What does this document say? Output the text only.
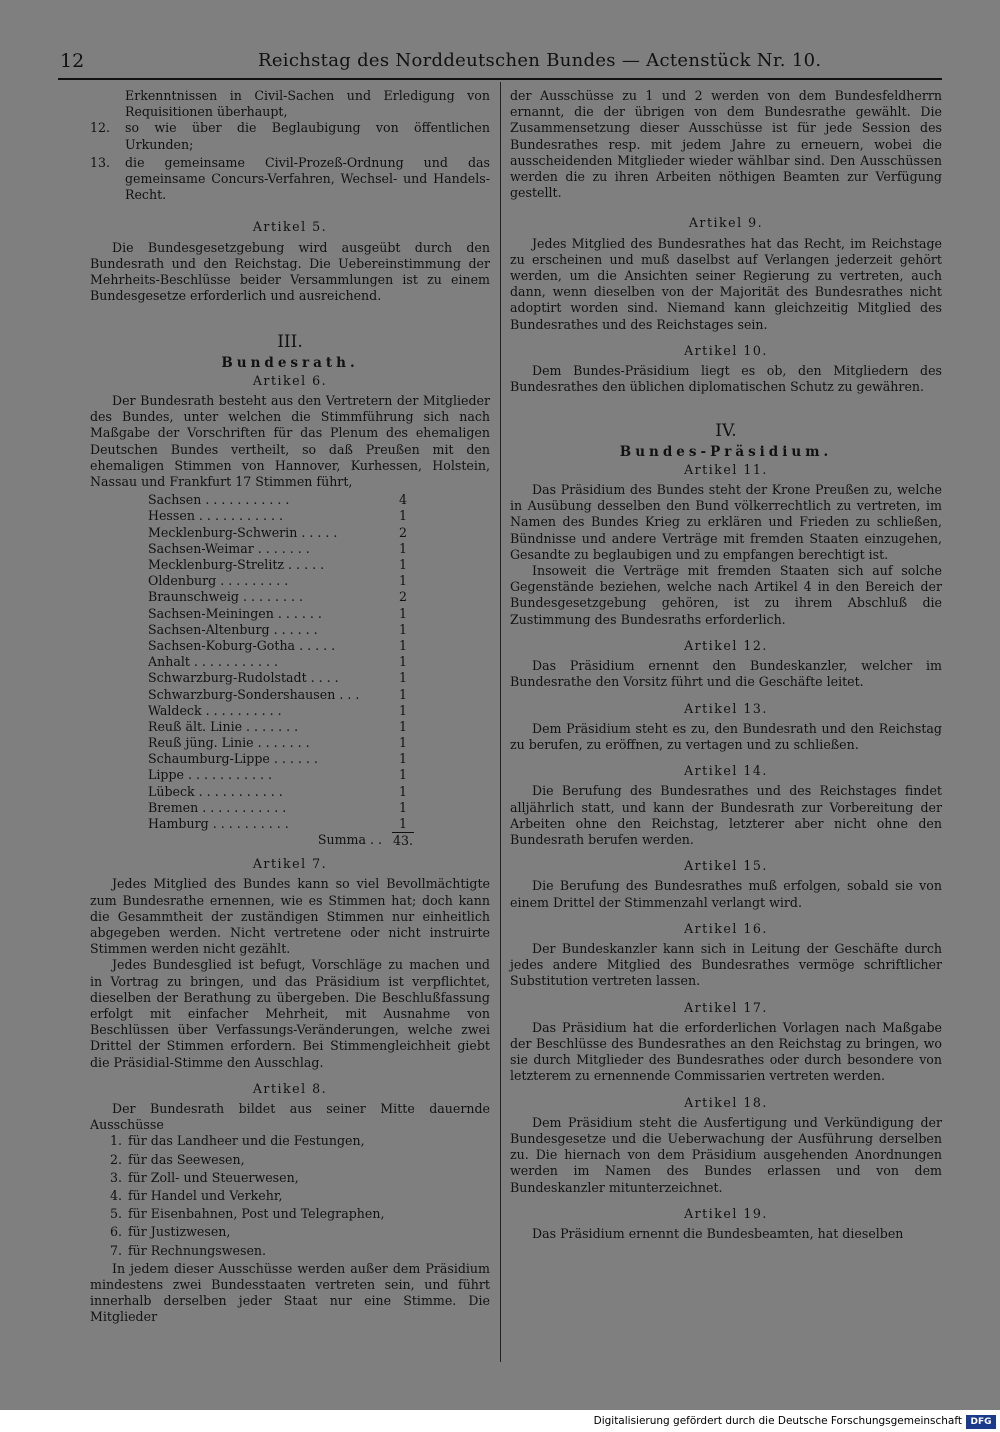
12	Reichstag des Norddeutschen Bundes — Actenstück Nr. 10.

Erkenntnissen in Civil-Sachen und Erledigung von Requisitionen überhaupt,

12.	so wie über die Beglaubigung von öffentlichen Urkunden;
13.	die gemeinsame Civil-Prozeß-Ordnung und das gemeinsame Concurs-Verfahren, Wechsel- und Handels-Recht.
Artikel 5.

Die Bundesgesetzgebung wird ausgeübt durch den Bundesrath und den Reichstag. Die Uebereinstimmung der Mehrheits-Beschlüsse beider Versammlungen ist zu einem Bundesgesetze erforderlich und ausreichend.

III.
Bundesrath.
Artikel 6.

Der Bundesrath besteht aus den Vertretern der Mitglieder des Bundes, unter welchen die Stimmführung sich nach Maßgabe der Vorschriften für das Plenum des ehemaligen Deutschen Bundes vertheilt, so daß Preußen mit den ehemaligen Stimmen von Hannover, Kurhessen, Holstein, Nassau und Frankfurt 17 Stimmen führt,

Sachsen . . . . . . . . . . .	4
Hessen . . . . . . . . . . .	1
Mecklenburg-Schwerin . . . . .	2
Sachsen-Weimar . . . . . . .	1
Mecklenburg-Strelitz . . . . .	1
Oldenburg . . . . . . . . .	1
Braunschweig . . . . . . . .	2
Sachsen-Meiningen . . . . . .	1
Sachsen-Altenburg . . . . . .	1
Sachsen-Koburg-Gotha . . . . .	1
Anhalt . . . . . . . . . . .	1
Schwarzburg-Rudolstadt . . . .	1
Schwarzburg-Sondershausen . . .	1
Waldeck . . . . . . . . . .	1
Reuß ält. Linie . . . . . . .	1
Reuß jüng. Linie . . . . . . .	1
Schaumburg-Lippe . . . . . .	1
Lippe . . . . . . . . . . .	1
Lübeck . . . . . . . . . . .	1
Bremen . . . . . . . . . . .	1
Hamburg . . . . . . . . . .	1
Summa . . 43.
Artikel 7.

Jedes Mitglied des Bundes kann so viel Bevollmächtigte zum Bundesrathe ernennen, wie es Stimmen hat; doch kann die Gesammtheit der zuständigen Stimmen nur einheitlich abgegeben werden. Nicht vertretene oder nicht instruirte Stimmen werden nicht gezählt.

Jedes Bundesglied ist befugt, Vorschläge zu machen und in Vortrag zu bringen, und das Präsidium ist verpflichtet, dieselben der Berathung zu übergeben. Die Beschlußfassung erfolgt mit einfacher Mehrheit, mit Ausnahme von Beschlüssen über Verfassungs-Veränderungen, welche zwei Drittel der Stimmen erfordern. Bei Stimmengleichheit giebt die Präsidial-Stimme den Ausschlag.

Artikel 8.

Der Bundesrath bildet aus seiner Mitte dauernde Ausschüsse

1. für das Landheer und die Festungen,
2. für das Seewesen,
3. für Zoll- und Steuerwesen,
4. für Handel und Verkehr,
5. für Eisenbahnen, Post und Telegraphen,
6. für Justizwesen,
7. für Rechnungswesen.

In jedem dieser Ausschüsse werden außer dem Präsidium mindestens zwei Bundesstaaten vertreten sein, und führt innerhalb derselben jeder Staat nur eine Stimme. Die Mitglieder

der Ausschüsse zu 1 und 2 werden von dem Bundesfeldherrn ernannt, die der übrigen von dem Bundesrathe gewählt. Die Zusammensetzung dieser Ausschüsse ist für jede Session des Bundesrathes resp. mit jedem Jahre zu erneuern, wobei die ausscheidenden Mitglieder wieder wählbar sind. Den Ausschüssen werden die zu ihren Arbeiten nöthigen Beamten zur Verfügung gestellt.

Artikel 9.

Jedes Mitglied des Bundesrathes hat das Recht, im Reichstage zu erscheinen und muß daselbst auf Verlangen jederzeit gehört werden, um die Ansichten seiner Regierung zu vertreten, auch dann, wenn dieselben von der Majorität des Bundesrathes nicht adoptirt worden sind. Niemand kann gleichzeitig Mitglied des Bundesrathes und des Reichstages sein.

Artikel 10.

Dem Bundes-Präsidium liegt es ob, den Mitgliedern des Bundesrathes den üblichen diplomatischen Schutz zu gewähren.

IV.
Bundes-Präsidium.
Artikel 11.

Das Präsidium des Bundes steht der Krone Preußen zu, welche in Ausübung desselben den Bund völkerrechtlich zu vertreten, im Namen des Bundes Krieg zu erklären und Frieden zu schließen, Bündnisse und andere Verträge mit fremden Staaten einzugehen, Gesandte zu beglaubigen und zu empfangen berechtigt ist.

Insoweit die Verträge mit fremden Staaten sich auf solche Gegenstände beziehen, welche nach Artikel 4 in den Bereich der Bundesgesetzgebung gehören, ist zu ihrem Abschluß die Zustimmung des Bundesraths erforderlich.

Artikel 12.

Das Präsidium ernennt den Bundeskanzler, welcher im Bundesrathe den Vorsitz führt und die Geschäfte leitet.

Artikel 13.

Dem Präsidium steht es zu, den Bundesrath und den Reichstag zu berufen, zu eröffnen, zu vertagen und zu schließen.

Artikel 14.

Die Berufung des Bundesrathes und des Reichstages findet alljährlich statt, und kann der Bundesrath zur Vorbereitung der Arbeiten ohne den Reichstag, letzterer aber nicht ohne den Bundesrath berufen werden.

Artikel 15.

Die Berufung des Bundesrathes muß erfolgen, sobald sie von einem Drittel der Stimmenzahl verlangt wird.

Artikel 16.

Der Bundeskanzler kann sich in Leitung der Geschäfte durch jedes andere Mitglied des Bundesrathes vermöge schriftlicher Substitution vertreten lassen.

Artikel 17.

Das Präsidium hat die erforderlichen Vorlagen nach Maßgabe der Beschlüsse des Bundesrathes an den Reichstag zu bringen, wo sie durch Mitglieder des Bundesrathes oder durch besondere von letzterem zu ernennende Commissarien vertreten werden.

Artikel 18.

Dem Präsidium steht die Ausfertigung und Verkündigung der Bundesgesetze und die Ueberwachung der Ausführung derselben zu. Die hiernach von dem Präsidium ausgehenden Anordnungen werden im Namen des Bundes erlassen und von dem Bundeskanzler mitunterzeichnet.

Artikel 19.

Das Präsidium ernennt die Bundesbeamten, hat dieselben

Digitalisierung gefördert durch die Deutsche Forschungsgemeinschaft DFG
